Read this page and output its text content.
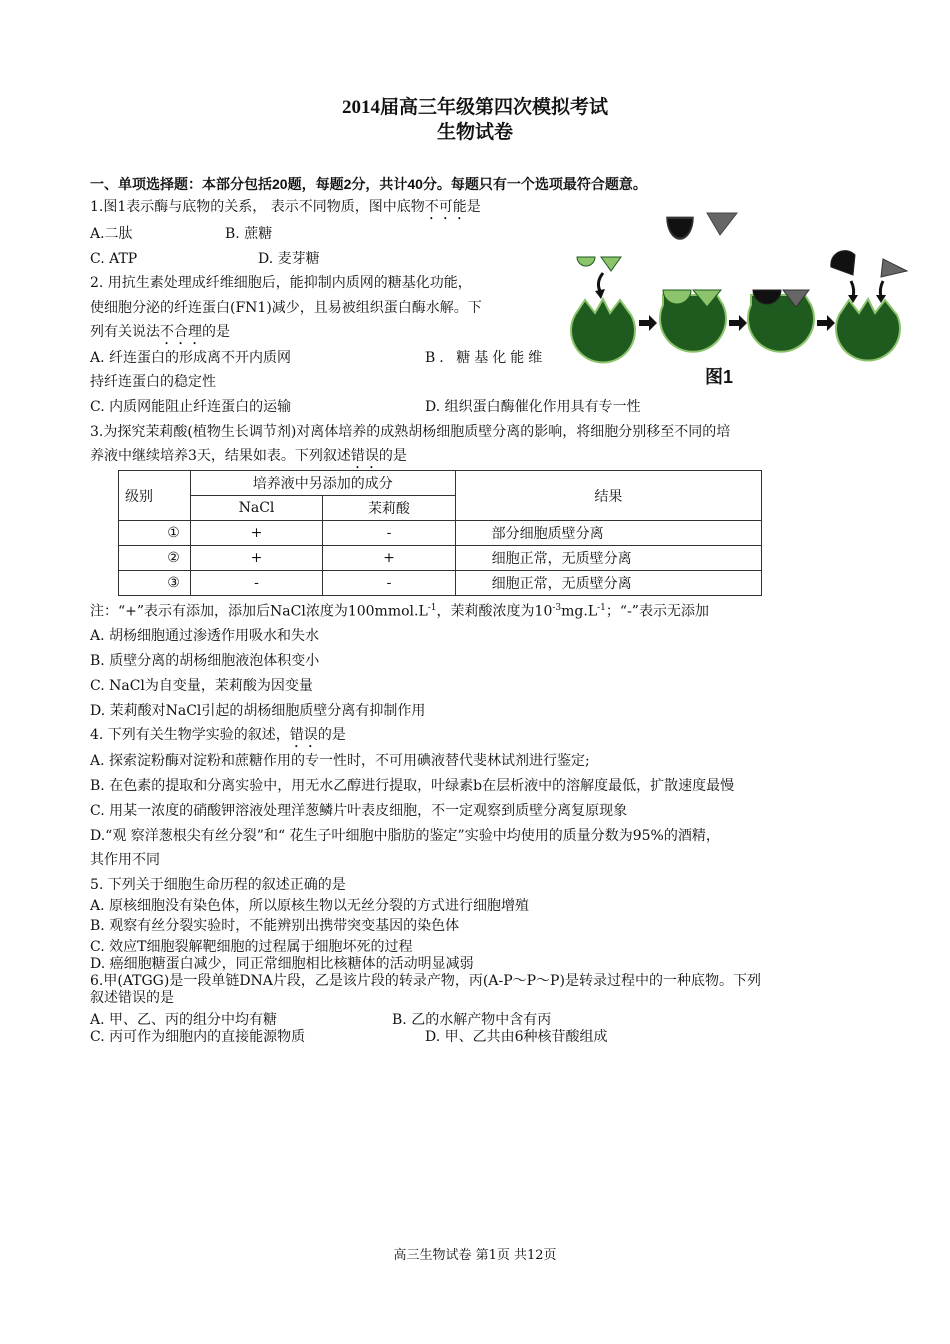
2014届高三年级第四次模拟考试
生物试卷
一、单项选择题：本部分包括20题，每题2分，共计40分。每题只有一个选项最符合题意。
1.图1表示酶与底物的关系， 表示不同物质，图中底物不可能是
A.二肽	B. 蔗糖
C. ATP	D. 麦芽糖
图1
2. 用抗生素处理成纤维细胞后，能抑制内质网的糖基化功能，
使细胞分泌的纤连蛋白(FN1)减少，且易被组织蛋白酶水解。下
列有关说法不合理的是
A. 纤连蛋白的形成离不开内质网	B. 糖基化能维
持纤连蛋白的稳定性
C. 内质网能阻止纤连蛋白的运输	D. 组织蛋白酶催化作用具有专一性
3.为探究茉莉酸(植物生长调节剂)对离体培养的成熟胡杨细胞质壁分离的影响，将细胞分别移至不同的培
养液中继续培养3天，结果如表。下列叙述错误的是
级别	培养液中另添加的成分		结果
	NaCl	茉莉酸	
①	+	-	部分细胞质壁分离
②	+	+	细胞正常，无质壁分离
③	-	-	细胞正常，无质壁分离
注：“+”表示有添加，添加后NaCl浓度为$100mmol.L^{-1}$，茉莉酸浓度为$10^{-3}mg.L^{-1}$；“-”表示无添加
A. 胡杨细胞通过渗透作用吸水和失水
B. 质壁分离的胡杨细胞液泡体积变小
C. NaCl为自变量，茉莉酸为因变量
D. 茉莉酸对NaCl引起的胡杨细胞质壁分离有抑制作用
4. 下列有关生物学实验的叙述，错误的是
A. 探索淀粉酶对淀粉和蔗糖作用的专一性时，不可用碘液替代斐林试剂进行鉴定;
B. 在色素的提取和分离实验中，用无水乙醇进行提取，叶绿素b在层析液中的溶解度最低，扩散速度最慢
C. 用某一浓度的硝酸钾溶液处理洋葱鳞片叶表皮细胞，不一定观察到质壁分离复原现象
D.“观 察洋葱根尖有丝分裂”和“ 花生子叶细胞中脂肪的鉴定”实验中均使用的质量分数为95%的酒精，
其作用不同
5. 下列关于细胞生命历程的叙述正确的是
A. 原核细胞没有染色体，所以原核生物以无丝分裂的方式进行细胞增殖
B. 观察有丝分裂实验时，不能辨别出携带突变基因的染色体
C. 效应T细胞裂解靶细胞的过程属于细胞坏死的过程
D. 癌细胞糖蛋白减少，同正常细胞相比核糖体的活动明显减弱
6.甲(ATGG)是一段单链DNA片段，乙是该片段的转录产物，丙(A-P～P～P)是转录过程中的一种底物。下列
叙述错误的是
A. 甲、乙、丙的组分中均有糖	B. 乙的水解产物中含有丙
C. 丙可作为细胞内的直接能源物质	D. 甲、乙共由6种核苷酸组成
高三生物试卷 第1页 共12页
